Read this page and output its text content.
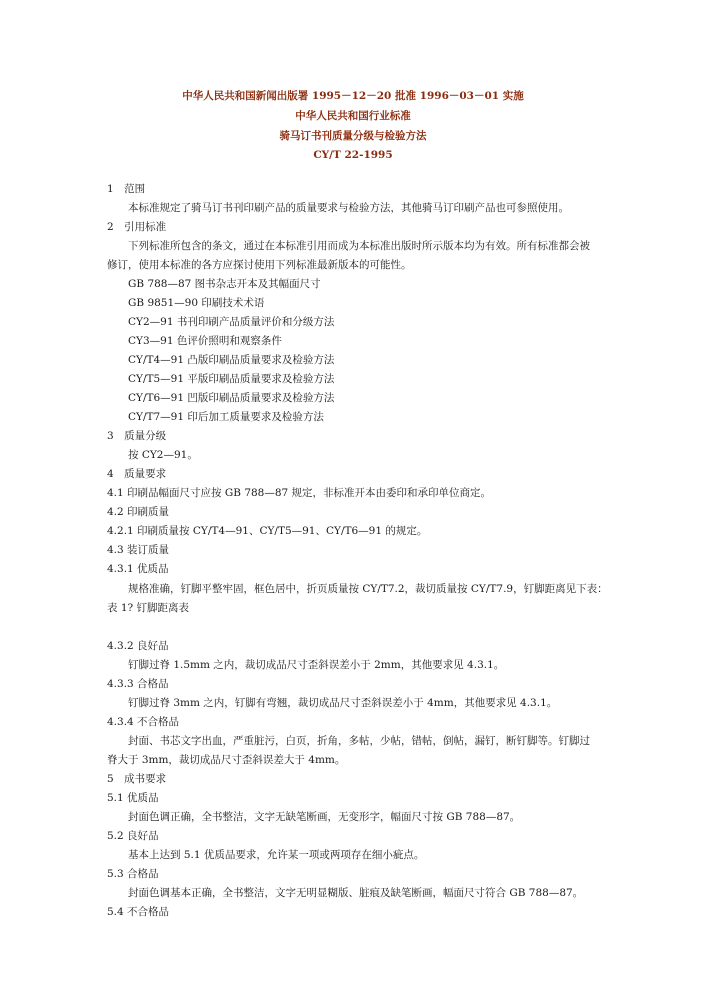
中华人民共和国新闻出版署 1995－12－20 批准 1996－03－01 实施
中华人民共和国行业标准
骑马订书刊质量分级与检验方法
CY/T 22-1995
1　范围
本标准规定了骑马订书刊印刷产品的质量要求与检验方法，其他骑马订印刷产品也可参照使用。
2　引用标准
下列标准所包含的条文，通过在本标准引用而成为本标准出版时所示版本均为有效。所有标准都会被
修订，使用本标准的各方应探讨使用下列标准最新版本的可能性。
GB 788—87 图书杂志开本及其幅面尺寸
GB 9851—90 印刷技术术语
CY2—91 书刊印刷产品质量评价和分级方法
CY3—91 色评价照明和观察条件
CY/T4—91 凸版印刷品质量要求及检验方法
CY/T5—91 平版印刷品质量要求及检验方法
CY/T6—91 凹版印刷品质量要求及检验方法
CY/T7—91 印后加工质量要求及检验方法
3　质量分级
按 CY2—91。
4　质量要求
4.1 印刷品幅面尺寸应按 GB 788—87 规定，非标准开本由委印和承印单位商定。
4.2 印刷质量
4.2.1 印刷质量按 CY/T4—91、CY/T5—91、CY/T6—91 的规定。
4.3 装订质量
4.3.1 优质品
规格准确，钉脚平整牢固，框色居中，折页质量按 CY/T7.2，裁切质量按 CY/T7.9，钉脚距离见下表：
表 1? 钉脚距离表
4.3.2 良好品
钉脚过脊 1.5mm 之内，裁切成品尺寸歪斜误差小于 2mm，其他要求见 4.3.1。
4.3.3 合格品
钉脚过脊 3mm 之内，钉脚有弯翘，裁切成品尺寸歪斜误差小于 4mm，其他要求见 4.3.1。
4.3.4 不合格品
封面、书芯文字出血，严重脏污，白页，折角，多帖，少帖，错帖，倒帖，漏钉，断钉脚等。钉脚过
脊大于 3mm，裁切成品尺寸歪斜误差大于 4mm。
5　成书要求
5.1 优质品
封面色调正确，全书整洁，文字无缺笔断画，无变形字，幅面尺寸按 GB 788—87。
5.2 良好品
基本上达到 5.1 优质品要求，允许某一项或两项存在细小疵点。
5.3 合格品
封面色调基本正确，全书整洁，文字无明显糊版、脏痕及缺笔断画，幅面尺寸符合 GB 788—87。
5.4 不合格品
